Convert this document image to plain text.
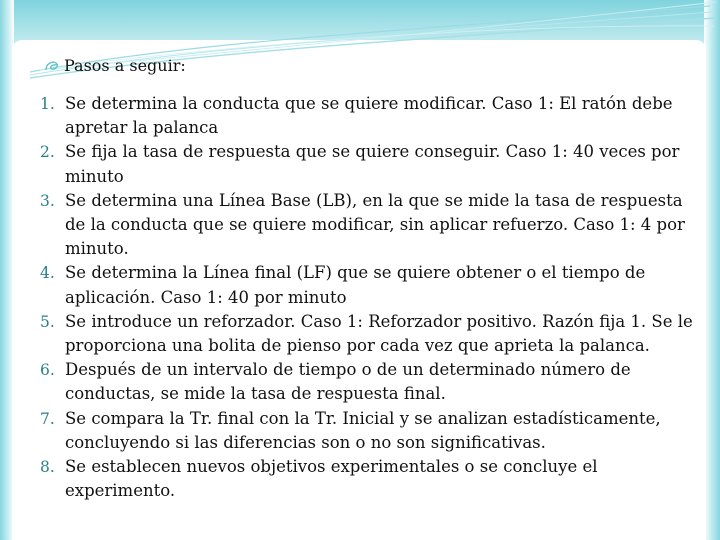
Pasos a seguir:
1. Se determina la conducta que se quiere modificar. Caso 1: El ratón debe apretar la palanca
2. Se fija la tasa de respuesta que se quiere conseguir. Caso 1: 40 veces por minuto
3. Se determina una Línea Base (LB), en la que se mide la tasa de respuesta de la conducta que se quiere modificar, sin aplicar refuerzo. Caso 1: 4 por minuto.
4. Se determina la Línea final (LF) que se quiere obtener o el tiempo de aplicación. Caso 1: 40 por minuto
5. Se introduce un reforzador. Caso 1: Reforzador positivo. Razón fija 1. Se le proporciona una bolita de pienso por cada vez que aprieta la palanca.
6. Después de un intervalo de tiempo o de un determinado número de conductas, se mide la tasa de respuesta final.
7. Se compara la Tr. final con la Tr. Inicial y se analizan estadísticamente, concluyendo si las diferencias son o no son significativas.
8. Se establecen nuevos objetivos experimentales o se concluye el experimento.
